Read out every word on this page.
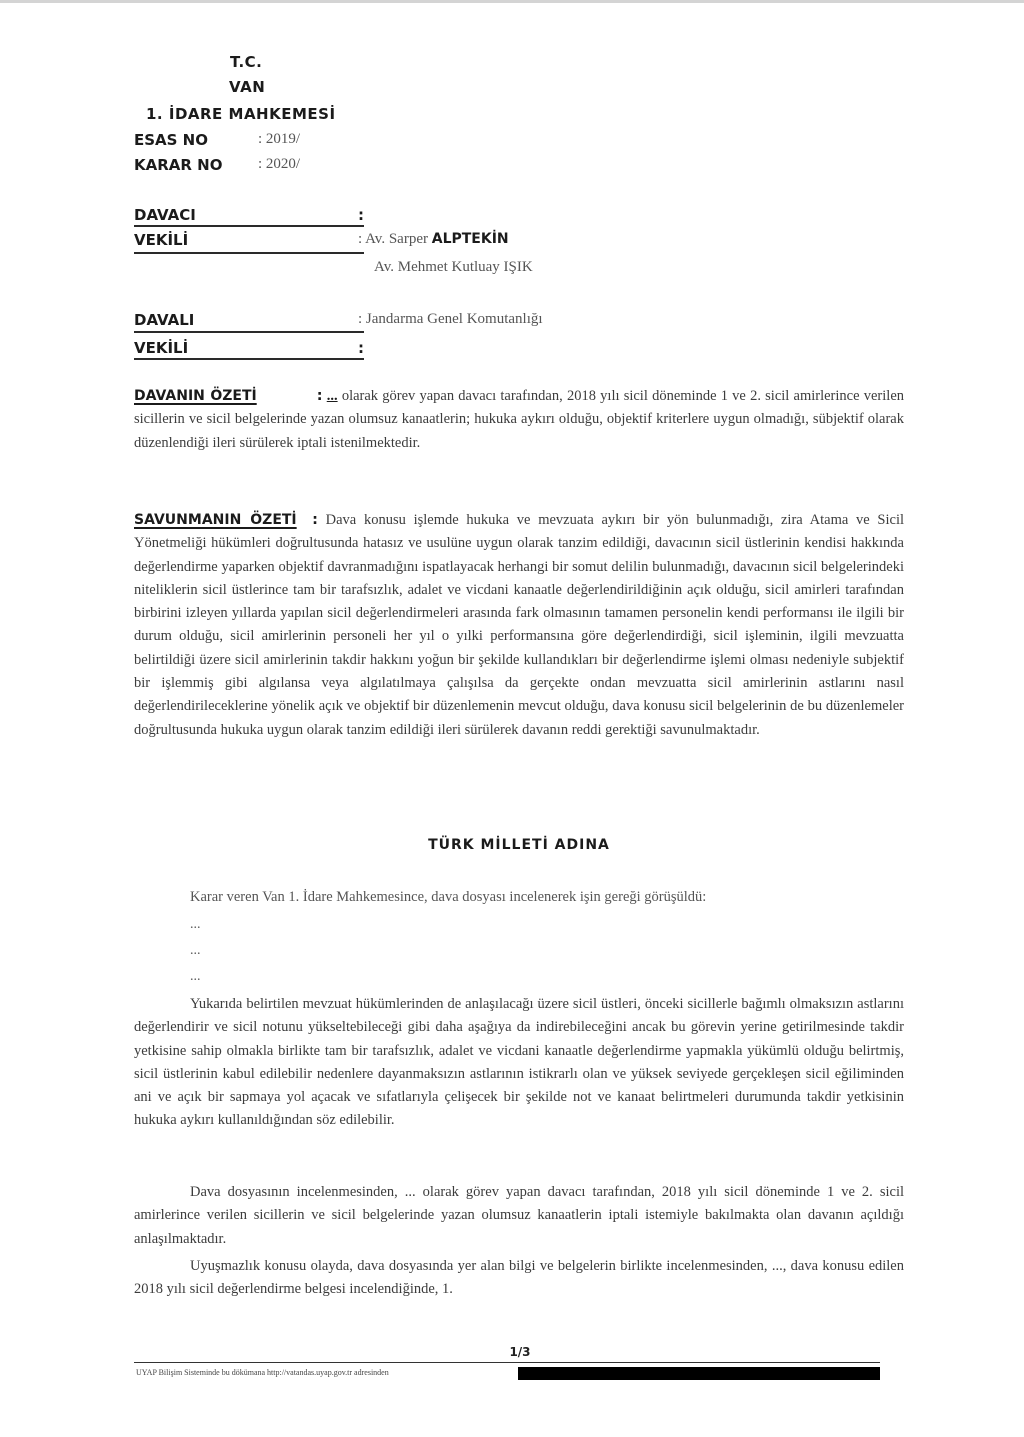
T.C.
VAN
1. İDARE MAHKEMESİ
ESAS NO	: 2019/
KARAR NO : 2020/
DAVACI	:
VEKİLİ	: Av. Sarper ALPTEKİN
Av. Mehmet Kutluay IŞIK
DAVALI	: Jandarma Genel Komutanlığı
VEKİLİ	:
DAVANIN ÖZETİ	: ... olarak görev yapan davacı tarafından, 2018 yılı sicil döneminde 1 ve 2. sicil amirlerince verilen sicillerin ve sicil belgelerinde yazan olumsuz kanaatlerin; hukuka aykırı olduğu, objektif kriterlere uygun olmadığı, sübjektif olarak düzenlendiği ileri sürülerek iptali istenilmektedir.
SAVUNMANIN ÖZETİ : Dava konusu işlemde hukuka ve mevzuata aykırı bir yön bulunmadığı, zira Atama ve Sicil Yönetmeliği hükümleri doğrultusunda hatasız ve usulüne uygun olarak tanzim edildiği, davacının sicil üstlerinin kendisi hakkında değerlendirme yaparken objektif davranmadığını ispatlayacak herhangi bir somut delilin bulunmadığı, davacının sicil belgelerindeki niteliklerin sicil üstlerince tam bir tarafsızlık, adalet ve vicdani kanaatle değerlendirildiğinin açık olduğu, sicil amirleri tarafından birbirini izleyen yıllarda yapılan sicil değerlendirmeleri arasında fark olmasının tamamen personelin kendi performansı ile ilgili bir durum olduğu, sicil amirlerinin personeli her yıl o yılki performansına göre değerlendirdiği, sicil işleminin, ilgili mevzuatta belirtildiği üzere sicil amirlerinin takdir hakkını yoğun bir şekilde kullandıkları bir değerlendirme işlemi olması nedeniyle subjektif bir işlemmiş gibi algılansa veya algılatılmaya çalışılsa da gerçekte ondan mevzuatta sicil amirlerinin astlarını nasıl değerlendirileceklerine yönelik açık ve objektif bir düzenlemenin mevcut olduğu, dava konusu sicil belgelerinin de bu düzenlemeler doğrultusunda hukuka uygun olarak tanzim edildiği ileri sürülerek davanın reddi gerektiği savunulmaktadır.
TÜRK MİLLETİ ADINA
Karar veren Van 1. İdare Mahkemesince, dava dosyası incelenerek işin gereği görüşüldü:
...
...
...
Yukarıda belirtilen mevzuat hükümlerinden de anlaşılacağı üzere sicil üstleri, önceki sicillerle bağımlı olmaksızın astlarını değerlendirir ve sicil notunu yükseltebileceği gibi daha aşağıya da indirebileceğini ancak bu görevin yerine getirilmesinde takdir yetkisine sahip olmakla birlikte tam bir tarafsızlık, adalet ve vicdani kanaatle değerlendirme yapmakla yükümlü olduğu belirtmiş, sicil üstlerinin kabul edilebilir nedenlere dayanmaksızın astlarının istikrarlı olan ve yüksek seviyede gerçekleşen sicil eğiliminden ani ve açık bir sapmaya yol açacak ve sıfatlarıyla çelişecek bir şekilde not ve kanaat belirtmeleri durumunda takdir yetkisinin hukuka aykırı kullanıldığından söz edilebilir.
Dava dosyasının incelenmesinden, ... olarak görev yapan davacı tarafından, 2018 yılı sicil döneminde 1 ve 2. sicil amirlerince verilen sicillerin ve sicil belgelerinde yazan olumsuz kanaatlerin iptali istemiyle bakılmakta olan davanın açıldığı anlaşılmaktadır.
Uyuşmazlık konusu olayda, dava dosyasında yer alan bilgi ve belgelerin birlikte incelenmesinden, ..., dava konusu edilen 2018 yılı sicil değerlendirme belgesi incelendiğinde, 1.
1/3
UYAP Bilişim Sisteminde bu dökümana http://vatandas.uyap.gov.tr adresinden
